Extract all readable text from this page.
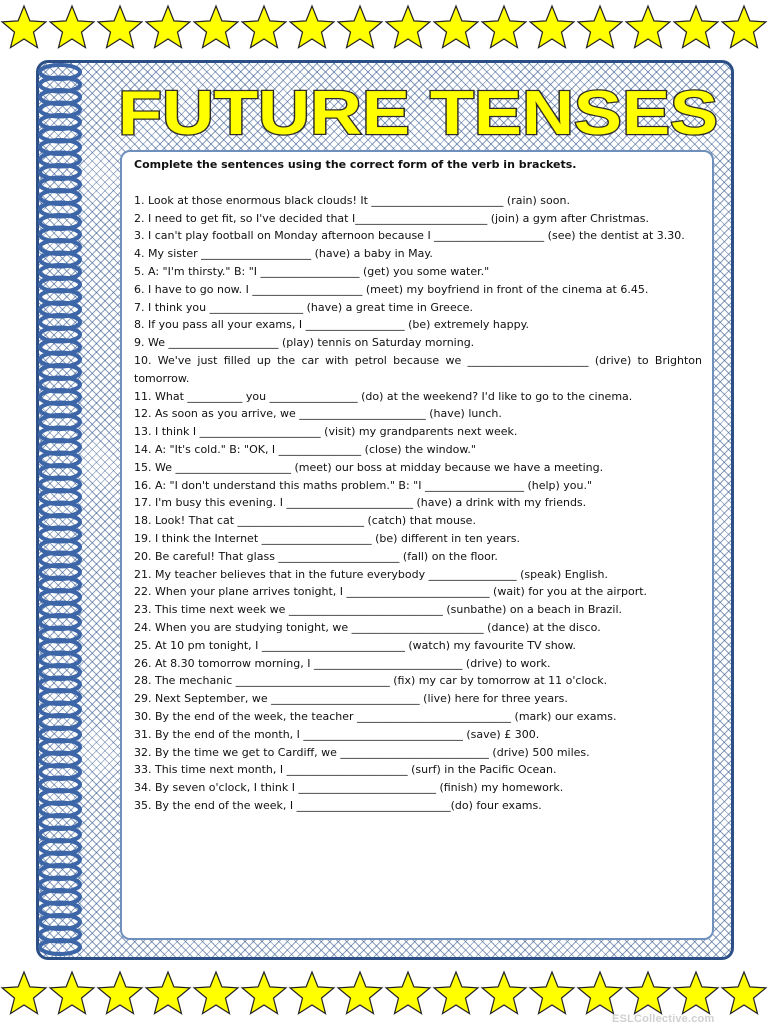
FUTURE TENSES

Complete the sentences using the correct form of the verb in brackets.

1. Look at those enormous black clouds! It ________________________ (rain) soon.

2. I need to get fit, so I've decided that I________________________ (join) a gym after Christmas.

3. I can't play football on Monday afternoon because I ____________________ (see) the dentist at 3.30.

4. My sister ____________________ (have) a baby in May.

5. A: "I'm thirsty." B: "I __________________ (get) you some water."

6. I have to go now. I ____________________ (meet) my boyfriend in front of the cinema at 6.45.

7. I think you _________________ (have) a great time in Greece.

8. If you pass all your exams, I __________________ (be) extremely happy.

9. We ____________________ (play) tennis on Saturday morning.

10. We've just filled up the car with petrol because we ______________________ (drive) to Brighton tomorrow.

11. What __________ you ________________ (do) at the weekend? I'd like to go to the cinema.

12. As soon as you arrive, we _______________________ (have) lunch.

13. I think I ______________________ (visit) my grandparents next week.

14. A: "It's cold." B: "OK, I _______________ (close) the window."

15. We _____________________ (meet) our boss at midday because we have a meeting.

16. A: "I don't understand this maths problem." B: "I __________________ (help) you."

17. I'm busy this evening. I _______________________ (have) a drink with my friends.

18. Look! That cat _______________________ (catch) that mouse.

19. I think the Internet ____________________ (be) different in ten years.

20. Be careful! That glass ______________________ (fall) on the floor.

21. My teacher believes that in the future everybody ________________ (speak) English.

22. When your plane arrives tonight, I __________________________ (wait) for you at the airport.

23. This time next week we ____________________________ (sunbathe) on a beach in Brazil.

24. When you are studying tonight, we ________________________ (dance) at the disco.

25. At 10 pm tonight, I __________________________ (watch) my favourite TV show.

26. At 8.30 tomorrow morning, I ___________________________ (drive) to work.

28. The mechanic ____________________________ (fix) my car by tomorrow at 11 o'clock.

29. Next September, we ___________________________ (live) here for three years.

30. By the end of the week, the teacher ____________________________ (mark) our exams.

31. By the end of the month, I _____________________________ (save) £ 300.

32. By the time we get to Cardiff, we ___________________________ (drive) 500 miles.

33. This time next month, I ______________________ (surf) in the Pacific Ocean.

34. By seven o'clock, I think I _________________________ (finish) my homework.

35. By the end of the week, I ____________________________(do) four exams.

ESLCollective.com
